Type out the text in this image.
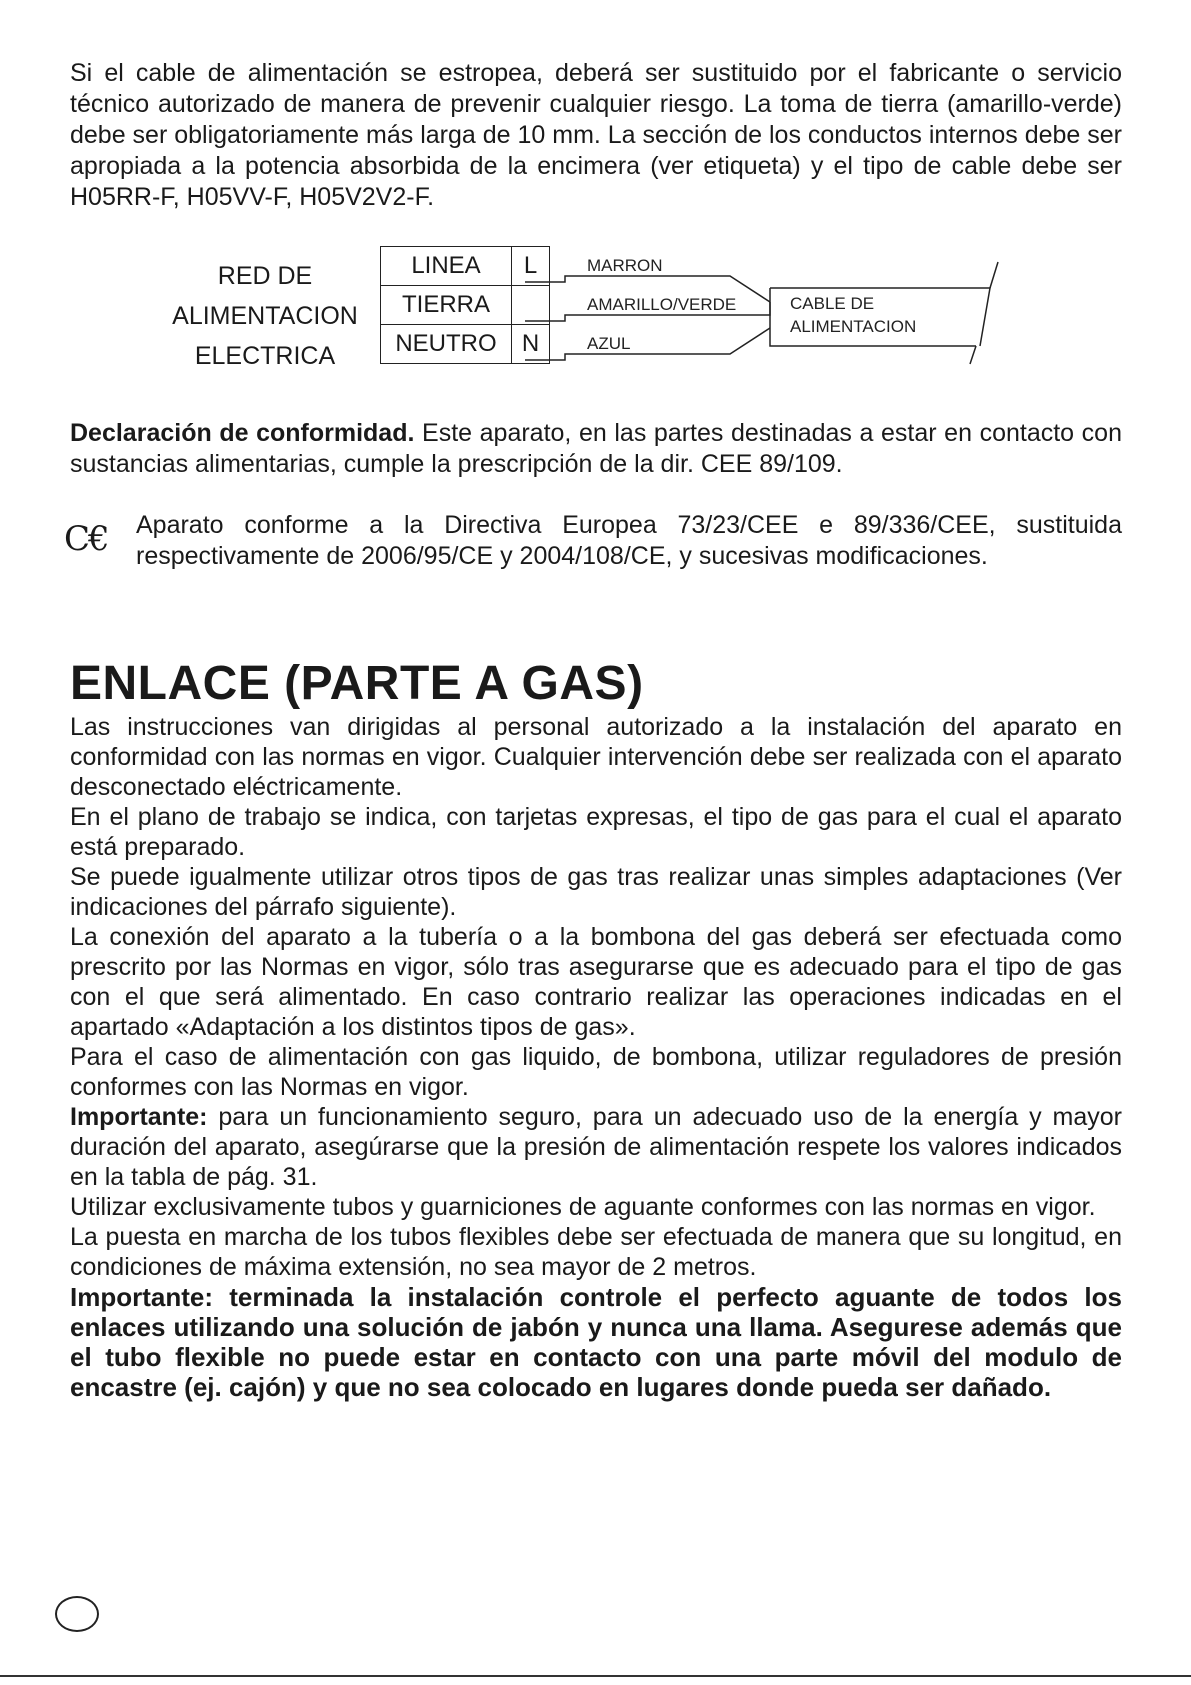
Si el cable de alimentación se estropea, deberá ser sustituido por el fabricante o servicio técnico autorizado de manera de prevenir cualquier riesgo. La toma de tierra (amarillo-verde) debe ser obligatoriamente más larga de 10 mm. La sección de los conductos internos debe ser apropiada a la potencia absorbida de la encimera (ver etiqueta) y el tipo de cable debe ser H05RR-F, H05VV-F, H05V2V2-F.

RED DE
ALIMENTACION
ELECTRICA
LINEA	L
TIERRA	
NEUTRO	N
MARRON
AMARILLO/VERDE
AZUL
CABLE DE
ALIMENTACION

Declaración de conformidad. Este aparato, en las partes destinadas a estar en contacto con sustancias alimentarias, cumple la prescripción de la dir. CEE 89/109.

C€ Aparato conforme a la Directiva Europea 73/23/CEE e 89/336/CEE, sustituida respectivamente de 2006/95/CE y 2004/108/CE, y sucesivas modificaciones.

ENLACE (PARTE A GAS)

Las instrucciones van dirigidas al personal autorizado a la instalación del aparato en conformidad con las normas en vigor. Cualquier intervención debe ser realizada con el aparato desconectado eléctricamente.

En el plano de trabajo se indica, con tarjetas expresas, el tipo de gas para el cual el aparato está preparado.

Se puede igualmente utilizar otros tipos de gas tras realizar unas simples adaptaciones (Ver indicaciones del párrafo siguiente).

La conexión del aparato a la tubería o a la bombona del gas deberá ser efectuada como prescrito por las Normas en vigor, sólo tras asegurarse que es adecuado para el tipo de gas con el que será alimentado. En caso contrario realizar las operaciones indicadas en el apartado «Adaptación a los distintos tipos de gas».

Para el caso de alimentación con gas liquido, de bombona, utilizar reguladores de presión conformes con las Normas en vigor.

Importante: para un funcionamiento seguro, para un adecuado uso de la energía y mayor duración del aparato, asegúrarse que la presión de alimentación respete los valores indicados en la tabla de pág. 31.

Utilizar exclusivamente tubos y guarniciones de aguante conformes con las normas en vigor.

La puesta en marcha de los tubos flexibles debe ser efectuada de manera que su longitud, en condiciones de máxima extensión, no sea mayor de 2 metros.

Importante: terminada la instalación controle el perfecto aguante de todos los enlaces utilizando una solución de jabón y nunca una llama. Asegurese además que el tubo flexible no puede estar en contacto con una parte móvil del modulo de encastre (ej. cajón) y que no sea colocado en lugares donde pueda ser dañado.
